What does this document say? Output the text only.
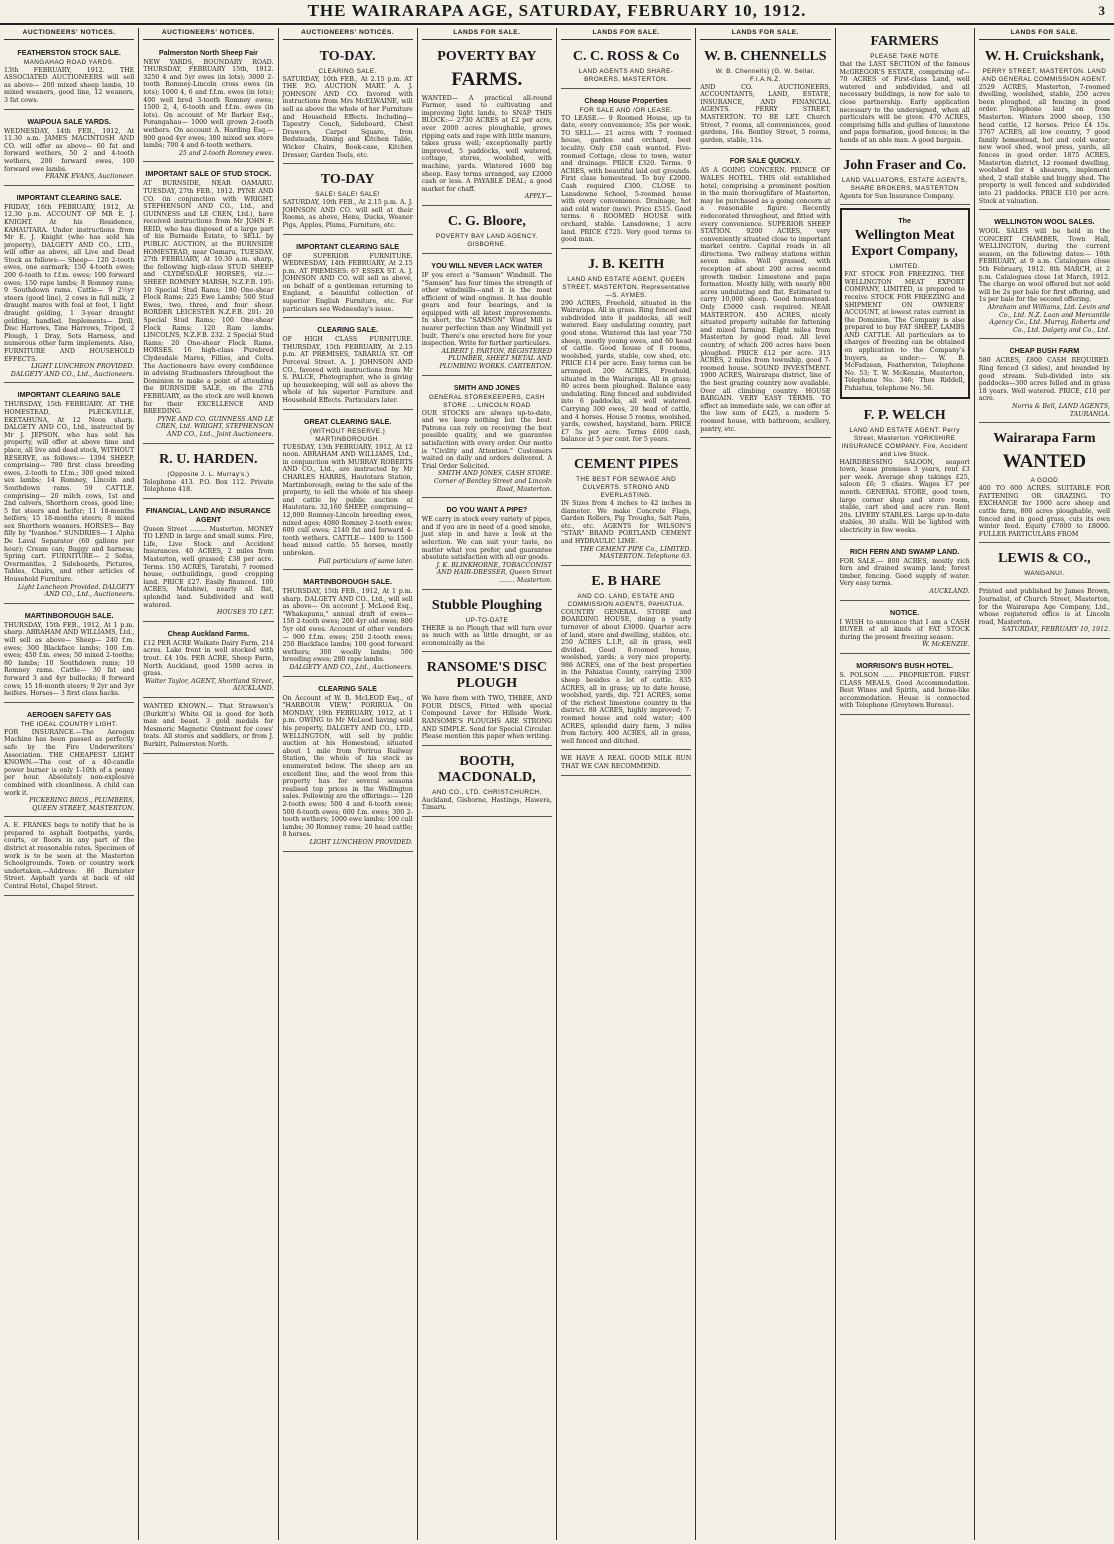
THE WAIRARAPA AGE, SATURDAY, FEBRUARY 10, 1912.	3
AUCTIONEERS' NOTICES.
FEATHERSTON STOCK SALE.
MANGAHAO ROAD YARDS.
13th FEBRUARY, 1912. THE ASSOCIATED AUCTIONEERS will sell as above— 200 mixed sheep lambs, 10 mixed weaners, good line, 12 weaners, 3 fat cows.
WAIPOUA SALE YARDS.
WEDNESDAY, 14th FEB., 1912, At 11.30 a.m. JAMES MACINTOSH AND CO. will offer as above— 60 fat and forward wethers, 50 2 and 4-tooth wethers, 200 forward ewes, 100 forward ewe lambs.
FRANK EVANS, Auctioneer.
IMPORTANT CLEARING SALE.
FRIDAY, 16th FEBRUARY, 1912, At 12.30 p.m. ACCOUNT OF MR E. J. KNIGHT. At his Residence, KAHAUTARA. Under instructions from Mr E. J. Knight (who has sold his property), DALGETY AND CO., LTD., will offer as above, all Live and Dead Stock as follows:— Sheep— 120 2-tooth ewes, one earmark; 150 4-tooth ewes; 200 6-tooth to f.f.m. ewes; 100 forward ewes; 150 rape lambs; 8 Romney rams; 9 Southdown rams. Cattle— 9 2½yr steers (good line), 2 cows in full milk, 2 draught mares with foal at foot, 1 light draught gelding, 1 3-year draught gelding, handled. Implements— Drill, Disc Harrows, Tine Harrows, Tripod, 2 Plough, 1 Dray, Sets Harness, and numerous other farm implements. Also, FURNITURE AND HOUSEHOLD EFFECTS.
LIGHT LUNCHEON PROVIDED. DALGETY AND CO., Ltd., Auctioneers.
IMPORTANT CLEARING SALE
THURSDAY, 15th FEBRUARY. AT THE HOMESTEAD, PLECK-VILLE, EKETAHUNA, At 12 Noon sharp. DALGETY AND CO., Ltd., instructed by Mr J. JEPSON, who has sold his property, will offer at above time and place, all live and dead stock, WITHOUT RESERVE, as follows:— 1394 SHEEP, comprising— 780 first class breeding ewes, 2-tooth to f.f.m.; 300 good mixed sex lambs; 14 Romney, Lincoln and Southdown rams. 59 CATTLE, comprising— 20 milch cows, 1st and 2nd calvers, Shorthorn cross, good line; 5 fat steers and heifer; 11 18-months heifers; 15 18-months steers; 8 mixed sex Shorthorn weaners. HORSES— Bay filly by "Ivanhoe." SUNDRIES— 1 Alpha De Laval Separator (60 gallons per hour); Cream can; Buggy and harness; Spring cart. FURNITURE— 2 Sofas, Overmantles, 2 Sideboards, Pictures, Tables, Chairs, and other articles of Household Furniture.
Light Luncheon Provided. DALGETY AND CO., Ltd., Auctioneers.
MARTINBOROUGH SALE.
THURSDAY, 15th FEB., 1912, At 1 p.m. sharp. ABRAHAM AND WILLIAMS, Ltd., will sell as above— Sheep— 240 f.m. ewes; 300 Blackface lambs; 100 f.m. ewes; 450 f.m. ewes; 50 mixed 2-tooths; 80 lambs; 10 Southdown rams; 10 Romney rams. Cattle— 30 fat and forward 3 and 4yr bullocks; 8 forward cows; 15 18-month steers; 9 2yr and 3yr heifers. Horses— 3 first class hacks.
AEROGEN SAFETY GAS
THE IDEAL COUNTRY LIGHT.
FOR INSURANCE.—The Aerogen Machine has been passed as perfectly safe by the Fire Underwriters' Association. THE CHEAPEST LIGHT KNOWN.—The cost of a 40-candle power burner is only 1-10th of a penny per hour. Absolutely non-explosive combined with cleanliness. A child can work it.
PICKERING BROS., PLUMBERS, QUEEN STREET, MASTERTON.
A. E. FRANKS begs to notify that he is prepared to asphalt footpaths, yards, courts, or floors in any part of the district at reasonable rates. Specimen of work is to be seen at the Masterton Schoolgrounds. Town or country work undertaken.—Address: 86 Burnister Street. Asphalt yards at back of old Central Hotel, Chapel Street.
AUCTIONEERS' NOTICES.
Palmerston North Sheep Fair
NEW YARDS, BOUNDARY ROAD. THURSDAY, FEBRUARY 15th, 1912. 3250 4 and 5yr ewes (in lots); 3000 2-tooth Romney-Lincoln cross ewes (in lots); 1000 4, 6 and f.f.m. ewes (in lots); 400 well bred 3-tooth Romney ewes; 1500 2, 4, 6-tooth and f.f.m. ewes (in lots). On account of Mr Barker Esq., Porangahau— 1000 well grown 2-tooth wethers. On account A. Harding Esq.— 800 good 4yr ewes; 300 mixed sex store lambs; 700 4 and 6-tooth wethers.
25 and 2-tooth Romney ewes.
IMPORTANT SALE OF STUD STOCK.
AT BURNSIDE, NEAR OAMARU. TUESDAY, 27th FEB., 1912. PYNE AND CO. (in conjunction with WRIGHT, STEPHENSON AND CO., Ltd., and GUINNESS and LE CREN, Ltd.), have received instructions from Mr JOHN F. REID, who has disposed of a large part of his Burnside Estate, to SELL by PUBLIC AUCTION, at the BURNSIDE HOMESTEAD, near Oamaru, TUESDAY, 27th FEBRUARY, At 10.30 a.m. sharp, the following high-class STUD SHEEP and CLYDESDALE HORSES, viz.:— SHEEP. ROMNEY MARSH, N.Z.F.B. 195: 10 Special Stud Rams; 180 One-shear Flock Rams; 225 Ewe Lambs; 500 Stud Ewes, two, three, and four shear. BORDER LEICESTER N.Z.F.B. 201: 20 Special Stud Rams; 100 One-shear Flock Rams; 120 Ram lambs. LINCOLNS, N.Z.F.B. 232. 2 Special Stud Rams; 20 One-shear Flock Rams. HORSES. 16 high-class Purebred Clydesdale Mares, Fillies, and Colts. The Auctioneers have every confidence in advising Studmasters throughout the Dominion to make a point of attending the BURNSIDE SALE, on the 27th FEBRUARY, as the stock are well known for their EXCELLENCE AND BREEDING.
PYNE AND CO. GUINNESS AND LE CREN, Ltd. WRIGHT, STEPHENSON AND CO., Ltd., Joint Auctioneers.
R. U. HARDEN.
(Opposite J. L. Murray's.)
Telephone 413. P.O. Box 112. Private Telephone 418.
FINANCIAL, LAND AND INSURANCE AGENT
Queen Street ........ Masterton. MONEY TO LEND in large and small sums. Fire, Life, Live Stock and Accident Insurances. 40 ACRES, 2 miles from Masterton, well grassed; £38 per acre. Terms. 150 ACRES, Taratahi, 7 roomed house, outbuildings, good cropping land. PRICE £27. Easily financed. 100 ACRES, Matahiwi, nearly all flat, splendid land. Subdivided and well watered.
HOUSES TO LET.
Cheap Auckland Farms.
£12 PER ACRE Waikato Dairy Farm, 214 acres. Lake front in well stocked with trout. £4 10s. PER ACRE, Sheep Farm, North Auckland, good 1500 acres in grass.
Walter Taylor, AGENT, Shortland Street, AUCKLAND.
WANTED KNOWN.— That Strawson's (Burkitt's) White Oil is good for both man and beast. 3 gold medals for Mesmeric Magnetic Ointment for cows' teats. All stores and saddlers, or from J. Burkitt, Palmerston North.
AUCTIONEERS' NOTICES.
TO-DAY.
CLEARING SALE.
SATURDAY, 10th FEB., At 2.15 p.m. AT THE P.O. AUCTION MART. A. J. JOHNSON AND CO. favored with instructions from Mrs McELWAINE, will sell as above the whole of her Furniture and Household Effects. Including— Tapestry Couch, Sideboard, Chest Drawers, Carpet Square, Iron Bedsteads, Dining and Kitchen Table, Wicker Chairs, Book-case, Kitchen Dresser, Garden Tools, etc.
TO-DAY
SALE! SALE! SALE!
SATURDAY, 10th FEB., At 2.15 p.m. A. J. JOHNSON AND CO. will sell at their Rooms, as above, Hens, Ducks, Weaner Pigs, Apples, Plums, Furniture, etc.
IMPORTANT CLEARING SALE
OF SUPERIOR FURNITURE. WEDNESDAY, 14th FEBRUARY, At 2.15 p.m. AT PREMISES: 67 ESSEX ST. A. J. JOHNSON AND CO. will sell as above, on behalf of a gentleman returning to England, a beautiful collection of superior English Furniture, etc. For particulars see Wednesday's issue.
CLEARING SALE.
OF HIGH CLASS FURNITURE. THURSDAY, 15th FEBRUARY, At 2.15 p.m. AT PREMISES, TARARUA ST. Off Perceval Street. A. J. JOHNSON AND CO., favored with instructions from Mr S. PALCE, Photographer, who is giving up housekeeping, will sell as above the whole of his superior Furniture and Household Effects. Particulars later.
GREAT CLEARING SALE.
(WITHOUT RESERVE.) MARTINBOROUGH.
TUESDAY, 13th FEBRUARY, 1912, At 12 noon. ABRAHAM AND WILLIAMS, Ltd., in conjunction with MURRAY ROBERTS AND CO., Ltd., are instructed by Mr CHARLES HARRIS, Hautotara Station, Martinborough, owing to the sale of the property, to sell the whole of his sheep and cattle by public auction at Hautotara. 32,160 SHEEP, comprising— 12,000 Romney-Lincoln breeding ewes, mixed ages; 4080 Romney 2-tooth ewes; 600 cull ewes; 2140 fat and forward 4-tooth wethers. CATTLE— 1400 to 1500 head mixed cattle. 55 horses, mostly unbroken.
Full particulars of same later.
MARTINBOROUGH SALE.
THURSDAY, 15th FEB., 1912, At 1 p.m. sharp. DALGETY AND CO., Ltd., will sell as above— On account J. McLeod Esq., "Whakapunu," annual draft of ewes— 150 2-tooth ewes; 200 4yr old ewes; 800 5yr old ewes. Account of other vendors— 900 f.f.m. ewes; 250 2-tooth ewes; 250 Blackface lambs; 100 good forward wethers; 300 woolly lambs; 500 breeding ewes; 280 rape lambs.
DALGETY AND CO., Ltd., Auctioneers.
CLEARING SALE
On Account of W. R. McLEOD Esq., of "HARBOUR VIEW," PORIRUA. On MONDAY, 19th FEBRUARY, 1912, at 1 p.m. OWING to Mr McLeod having sold his property, DALGETY AND CO., LTD., WELLINGTON, will sell by public auction at his Homestead, situated about 1 mile from Porirua Railway Station, the whole of his stock as enumerated below. The sheep are an excellent line, and the wool from this property has for several seasons realised top prices in the Wellington sales. Following are the offerings:— 120 2-tooth ewes; 500 4 and 6-tooth ewes; 500 6-tooth ewes; 600 f.m. ewes; 300 2-tooth wethers; 1000 ewe lambs; 100 cull lambs; 30 Romney rams; 20 head cattle; 8 horses.
LIGHT LUNCHEON PROVIDED.
LANDS FOR SALE.
POVERTY BAY
FARMS.
WANTED— A practical all-round Farmer, used to cultivating and improving light lands, to SNAP THIS BLOCK:— 2730 ACRES at £2 per acre, over 2000 acres ploughable, grows ripping oats and rape with little manure, takes grass well; exceptionally partly improved, 5 paddocks, well watered, cottage, stores, woolshed, with machine, yards. Wintered 1600 big sheep. Easy terms arranged, say £2000 cash or less. A PAYABLE DEAL; a good market for chaff.
APPLY—
C. G. Bloore,
POVERTY BAY LAND AGENCY. GISBORNE.
YOU WILL NEVER LACK WATER
IF you erect a "Samson" Windmill. The "Samson" has four times the strength of other windmills—and it is the most efficient of wind engines. It has double gears and four bearings, and is equipped with all latest improvements. In short, the "SAMSON" Wind Mill is nearer perfection than any Windmill yet built. There's one erected here for your inspection. Write for further particulars.
ALBERT J. PARTON, REGISTERED PLUMBER, SHEET METAL AND PLUMBING WORKS. CARTERTON.
SMITH AND JONES
GENERAL STOREKEEPERS, CASH STORE ... LINCOLN ROAD
OUR STOCKS are always up-to-date, and we keep nothing but the best. Patrons can rely on receiving the best possible quality, and we guarantee satisfaction with every order. Our motto is "Civility and Attention." Customers waited on daily and orders delivered. A Trial Order Solicited.
SMITH AND JONES, CASH STORE. Corner of Bentley Street and Lincoln Road, Masterton.
DO YOU WANT A PIPE?
WE carry in stock every variety of pipes, and if you are in need of a good smoke, just step in and have a look at the selection. We can suit your taste, no matter what you prefer, and guarantee absolute satisfaction with all our goods.
J. K. BLINKHORNE, TOBACCONIST AND HAIR-DRESSER, Queen Street ........ Masterton.
Stubble Ploughing
UP-TO-DATE
THERE is no Plough that will turn over as much with as little draught, or as economically as the
RANSOME'S DISC PLOUGH
We have them with TWO, THREE, AND FOUR DISCS, Fitted with special Compound Lever for Hillside Work. RANSOME'S PLOUGHS ARE STRONG AND SIMPLE. Send for Special Circular. Please mention this paper when writing.
BOOTH, MACDONALD,
AND CO., LTD. CHRISTCHURCH,
Auckland, Gisborne, Hastings, Hawera, Timaru.
LANDS FOR SALE.
C. C. ROSS & Co
LAND AGENTS AND SHARE-BROKERS, MASTERTON.
Cheap House Properties
FOR SALE AND /OR LEASE.
TO LEASE.— 9 Roomed House, up to date, every convenience; 35s per week. TO SELL.— 21 acres with 7 roomed house, garden and orchard, best locality. Only £50 cash wanted. Five-roomed Cottage, close to town, water and drainage. PRICE £320. Terms. 9 ACRES, with beautiful laid out grounds. First class homestead. To buy £2000. Cash required £300. CLOSE to Lansdowne School, 5-roomed house with every convenience. Drainage, hot and cold water (new). Price £515. Good terms. 6 ROOMED HOUSE with orchard, stable. Lansdowne, 1 acre land. PRICE £725. Very good terms to good man.
J. B. KEITH
LAND AND ESTATE AGENT, QUEEN STREET, MASTERTON. Representative—S. AYMES.
290 ACRES, Freehold, situated in the Wairarapa. All in grass. Ring fenced and subdivided into 8 paddocks, all well watered. Easy undulating country, part good stone. Wintered this last year 750 sheep, mostly young ewes, and 60 head of cattle. Good house of 8 rooms, woolshed, yards, stable, cow shed, etc. PRICE £14 per acre. Easy terms can be arranged. 200 ACRES, Freehold, situated in the Wairarapa. All in grass; 80 acres been ploughed. Balance easy undulating. Ring fenced and subdivided into 6 paddocks, all well watered. Carrying 300 ewes, 20 head of cattle, and 4 horses. House 5 rooms, woolshed, yards, cowshed, haystand, barn. PRICE £7 5s per acre. Terms £600 cash, balance at 5 per cent. for 5 years.
CEMENT PIPES
THE BEST FOR SEWAGE AND CULVERTS. STRONG AND EVERLASTING.
IN Sizes from 4 inches to 42 inches in diameter. We make Concrete Flags, Garden Rollers, Pig Troughs, Salt Pans, etc., etc. AGENTS for WILSON'S "STAR" BRAND PORTLAND CEMENT and HYDRAULIC LIME.
THE CEMENT PIPE Co., LIMITED. MASTERTON. Telephone 63.
E. B HARE
AND CO. LAND, ESTATE AND COMMISSION AGENTS, PAHIATUA.
COUNTRY GENERAL STORE and BOARDING HOUSE, doing a yearly turnover of about £3000. Quarter acre of land, store and dwelling, stables, etc. 250 ACRES L.I.P., all in grass, well divided. Good 8-roomed house, woolshed, yards; a very nice property. 986 ACRES, one of the best properties in the Pahiatua County, carrying 2300 sheep besides a lot of cattle. 835 ACRES, all in grass; up to date house, woolshed, yards, dip. 721 ACRES, some of the richest limestone country in the district. 88 ACRES, highly improved; 7-roomed house and cold water; 400 ACRES, splendid dairy farm, 3 miles from factory. 400 ACRES, all in grass, well fenced and ditched.
WE HAVE A REAL GOOD MILK RUN THAT WE CAN RECOMMEND.
LANDS FOR SALE.
W. B. CHENNELLS
W. B. Chennells) (G. W. Sellar, F.I.A.N.Z.
AND CO. AUCTIONEERS, ACCOUNTANTS, LAND, ESTATE, INSURANCE, AND FINANCIAL AGENTS. PERRY STREET, MASTERTON. TO BE LET. Church Street, 7 rooms, all conveniences, good gardens, 16s. Bentley Street, 5 rooms, garden, stable, 11s.
FOR SALE QUICKLY.
AS A GOING CONCERN. PRINCE OF WALES HOTEL. THIS old established hotel, comprising a prominent position in the main thoroughfare of Masterton, may be purchased as a going concern at a reasonable figure. Recently redecorated throughout, and fitted with every convenience. SUPERIOR SHEEP STATION. 9200 ACRES, very conveniently situated close to important market centre. Capital roads in all directions. Two railway stations within seven miles. Well grassed, with reception of about 200 acres second growth timber. Limestone and papa formation. Mostly hilly, with nearly 800 acres undulating and flat. Estimated to carry 10,000 sheep. Good homestead. Only £5000 cash required. NEAR MASTERTON. 450 ACRES, nicely situated property suitable for fattening and mixed farming. Eight miles from Masterton by good road. All level country, of which 200 acres have been ploughed. PRICE £12 per acre. 315 ACRES, 2 miles from township, good 7-roomed house. SOUND INVESTMENT. 1900 ACRES, Wairarapa district, line of the best grazing country now available. Over all climbing country. HOUSE BARGAIN. VERY EASY TERMS. TO effect an immediate sale, we can offer at the low sum of £425, a modern 5-roomed house, with bathroom, scullery, pantry, etc.
FARMERS
PLEASE TAKE NOTE
that the LAST SECTION of the famous McGREGOR'S ESTATE, comprising of— 70 ACRES of First-class Land, well watered and subdivided, and all necessary buildings, is now for sale to close partnership. Early application necessary to the undersigned, when all particulars will be given. 470 ACRES, comprising hills and gullies of limestone and papa formation, good fences; in the hands of an able man. A good bargain.
John Fraser and Co.
LAND VALUATORS, ESTATE AGENTS, SHARE BROKERS, MASTERTON
Agents for Sun Insurance Company.
The
Wellington Meat Export Company,
LIMITED.
FAT STOCK FOR FREEZING. THE WELLINGTON MEAT EXPORT COMPANY, LIMITED, is prepared to receive STOCK FOR FREEZING and SHIPMENT ON OWNERS' ACCOUNT, at lowest rates current in the Dominion. The Company is also prepared to buy FAT SHEEP, LAMBS AND CATTLE. All particulars as to charges of freezing can be obtained on application to the Company's buyers, as under:— W. B. McFadzean, Featherston, Telephone No. 53; T. W. McKenzie, Masterton, Telephone No. 346; Thos Riddell, Pahiatua, telephone No. 56.
F. P. WELCH
LAND AND ESTATE AGENT. Perry Street, Masterton. YORKSHIRE INSURANCE COMPANY. Fire, Accident and Live Stock.
HAIRDRESSING SALOON, seaport town, lease premises 3 years, rent £3 per week. Average shop takings £25, saloon £6; 5 chairs. Wages £7 per month. GENERAL STORE, good town, large corner shop and store room, stable, cart shed and acre run. Rent 20s. LIVERY STABLES. Large up-to-date stables, 30 stalls. Will be lighted with electricity in few weeks.
RICH FERN AND SWAMP LAND.
FOR SALE.— 800 ACRES, mostly rich fern and drained swamp land; forest timber, fencing. Good supply of water. Very easy terms.
AUCKLAND.
NOTICE.
I WISH to announce that I am a CASH BUYER of all kinds of FAT STOCK during the present freezing season.
W. McKENZIE.
MORRISON'S BUSH HOTEL.
S. POLSON ...... PROPRIETOR. FIRST CLASS MEALS, Good Accommodation. Best Wines and Spirits, and home-like accommodation. House is connected with Telephone (Greytown Bureau).
LANDS FOR SALE.
W. H. Cruickshank,
PERRY STREET, MASTERTON. LAND AND GENERAL COMMISSION AGENT.
2529 ACRES, Masterton, 7-roomed dwelling, woolshed, stable, 250 acres been ploughed, all fencing in good order. Telephone laid on from Masterton. Winters 2000 sheep, 150 head cattle, 12 horses. Price £4 15s. 3767 ACRES, all low country, 7 good family homestead, hot and cold water; new wool shed, wool press, yards, all fences in good order. 1875 ACRES, Masterton district, 12 roomed dwelling, woolshed for 4 shearers, implement shed, 2 stall stable and buggy shed. The property is well fenced and subdivided into 21 paddocks. PRICE £10 per acre. Stock at valuation.
WELLINGTON WOOL SALES.
WOOL SALES will be held in the CONCERT CHAMBER, Town Hall, WELLINGTON, during the current season, on the following dates:— 16th FEBRUARY, at 9 a.m. Catalogues close 5th February, 1912. 8th MARCH, at 2 p.m. Catalogues close 1st March, 1912. The charge on wool offered but not sold will be 2s per bale for first offering, and 1s per bale for the second offering.
Abraham and Williams, Ltd. Levin and Co., Ltd. N.Z. Loan and Mercantile Agency Co., Ltd. Murray, Roberts and Co., Ltd. Dalgety and Co., Ltd.
CHEAP BUSH FARM
580 ACRES, £800 CASH REQUIRED. Ring fenced (3 sides), and bounded by good stream. Sub-divided into six paddocks—300 acres felled and in grass 18 years. Well watered. PRICE, £10 per acre.
Norris & Bell, LAND AGENTS, TAURANGA.
Wairarapa Farm
WANTED
A GOOD
400 TO 600 ACRES. SUITABLE FOR FATTENING OR GRAZING. TO EXCHANGE for 1900 acre sheep and cattle farm, 800 acres ploughable, well fenced and in good grass, cuts its own winter feed. Equity £7000 to £8000. FULLER PARTICULARS FROM
LEWIS & CO.,
WANGANUI.
Printed and published by James Brown, Journalist, of Church Street, Masterton, for the Wairarapa Age Company, Ltd., whose registered office is at Lincoln road, Masterton.
SATURDAY, FEBRUARY 10, 1912.
